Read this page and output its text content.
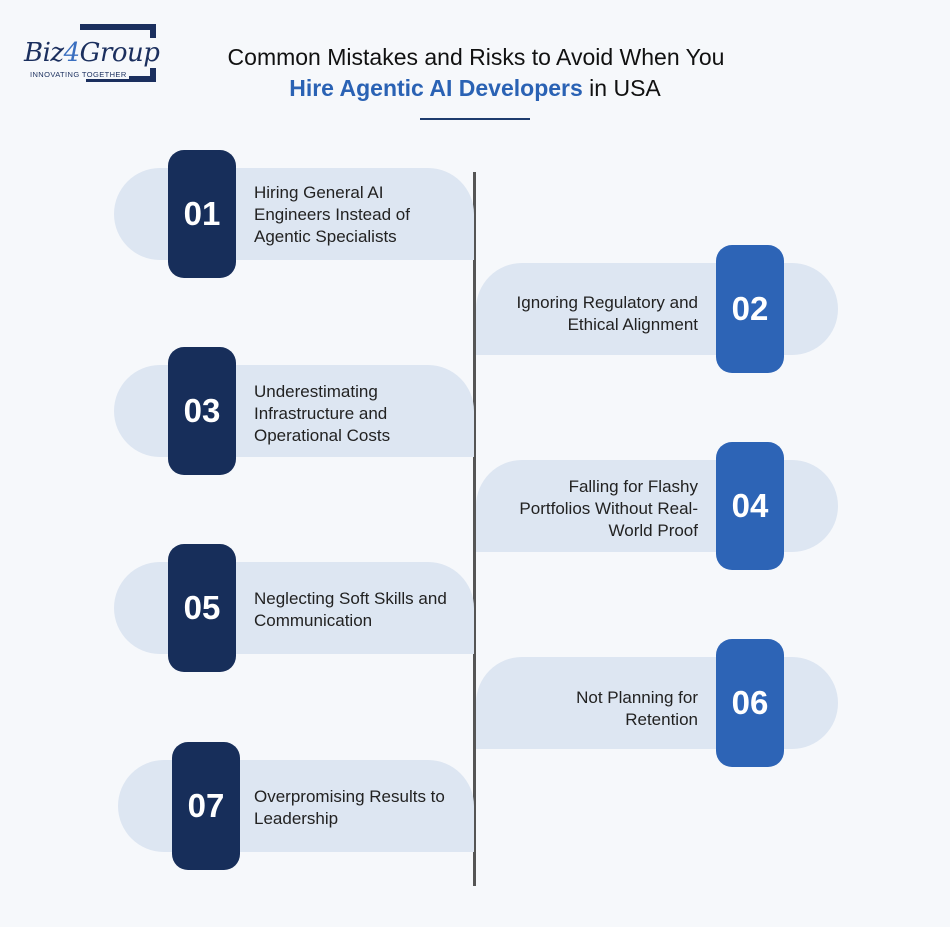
Biz4Group
INNOVATING TOGETHER
Common Mistakes and Risks to Avoid When You
Hire Agentic AI Developers in USA
01
Hiring General AI Engineers Instead of Agentic Specialists
02
Ignoring Regulatory and Ethical Alignment
03
Underestimating Infrastructure and Operational Costs
04
Falling for Flashy Portfolios Without Real-World Proof
05	Neglecting Soft Skills and Communication
06
Not Planning for Retention
07	Overpromising Results to Leadership
